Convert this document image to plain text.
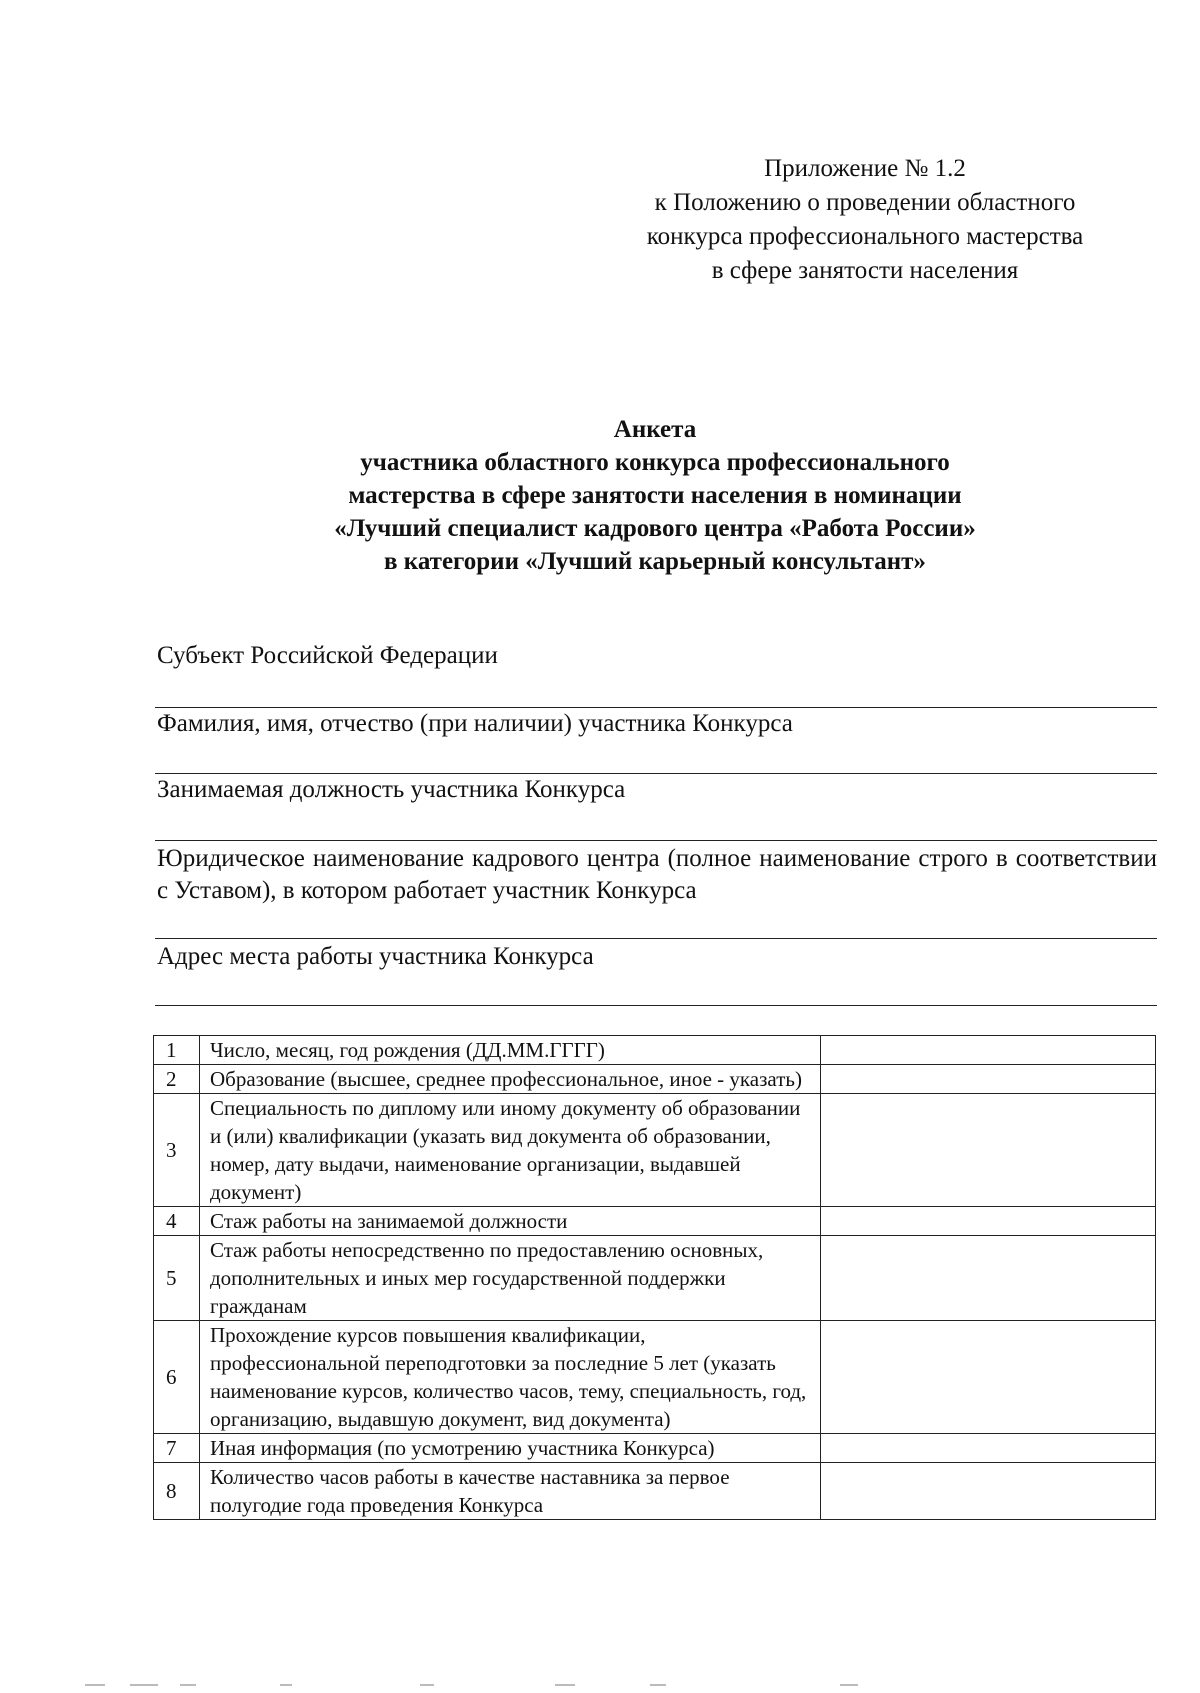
Приложение № 1.2
к Положению о проведении областного
конкурса профессионального мастерства
в сфере занятости населения
Анкета
участника областного конкурса профессионального
мастерства в сфере занятости населения в номинации
«Лучший специалист кадрового центра «Работа России»
в категории «Лучший карьерный консультант»
Субъект Российской Федерации
Фамилия, имя, отчество (при наличии) участника Конкурса
Занимаемая должность участника Конкурса
Юридическое наименование кадрового центра (полное наименование строго в соответствии с Уставом), в котором работает участник Конкурса
Адрес места работы участника Конкурса
1	Число, месяц, год рождения (ДД.ММ.ГГГГ)	
2	Образование (высшее, среднее профессиональное, иное - указать)	
3	Специальность по диплому или иному документу об образовании и (или) квалификации (указать вид документа об образовании, номер, дату выдачи, наименование организации, выдавшей документ)	
4	Стаж работы на занимаемой должности	
5	Стаж работы непосредственно по предоставлению основных, дополнительных и иных мер государственной поддержки гражданам	
6	Прохождение курсов повышения квалификации, профессиональной переподготовки за последние 5 лет (указать наименование курсов, количество часов, тему, специальность, год, организацию, выдавшую документ, вид документа)	
7	Иная информация (по усмотрению участника Конкурса)	
8	Количество часов работы в качестве наставника за первое полугодие года проведения Конкурса	
